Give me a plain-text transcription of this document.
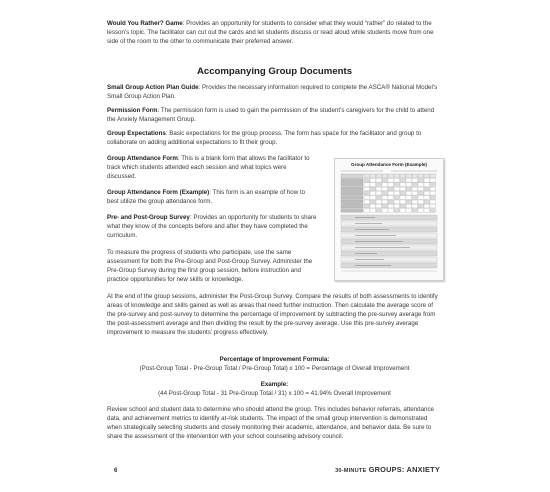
Would You Rather? Game: Provides an opportunity for students to consider what they would “rather” do related to the lesson’s topic. The facilitator can cut out the cards and let students discuss or read aloud while students move from one side of the room to the other to communicate their preferred answer.

Accompanying Group Documents

Small Group Action Plan Guide: Provides the necessary information required to complete the ASCA® National Model’s Small Group Action Plan.

Permission Form: The permission form is used to gain the permission of the student’s caregivers for the child to attend the Anxiety Management Group.

Group Expectations: Basic expectations for the group process. The form has space for the facilitator and group to collaborate on adding additional expectations to fit their group.

Group Attendance Form: This is a blank form that allows the facilitator to track which students attended each session and what topics were discussed.

Group Attendance Form (Example): This form is an example of how to best utilize the group attendance form.

Pre- and Post-Group Survey: Provides an opportunity for students to share what they know of the concepts before and after they have completed the curriculum.

To measure the progress of students who participate, use the same assessment for both the Pre-Group and Post-Group Survey. Administer the Pre-Group Survey during the first group session, before instruction and practice opportunities for new skills or knowledge.

At the end of the group sessions, administer the Post-Group Survey. Compare the results of both assessments to identify areas of knowledge and skills gained as well as areas that need further instruction. Then calculate the average score of the pre-survey and post-survey to determine the percentage of improvement by subtracting the pre-survey average from the post-assessment average and then dividing the result by the pre-survey average. Use this pre-survey average improvement to measure the students’ progress effectively.

Percentage of Improvement Formula:

(Post-Group Total - Pre-Group Total / Pre-Group Total) x 100 = Percentage of Overall Improvement

Example:

(44 Post-Group Total - 31 Pre-Group Total / 31) x 100 = 41.94% Overall Improvement

Review school and student data to determine who should attend the group. This includes behavior referrals, attendance data, and achievement metrics to identify at-risk students. The impact of the small group intervention is demonstrated when strategically selecting students and closely monitoring their academic, attendance, and behavior data. Be sure to share the assessment of the intervention with your school counseling advisory council.

Group Attendance Form (Example)
6	30-MINUTE GROUPS: ANXIETY
